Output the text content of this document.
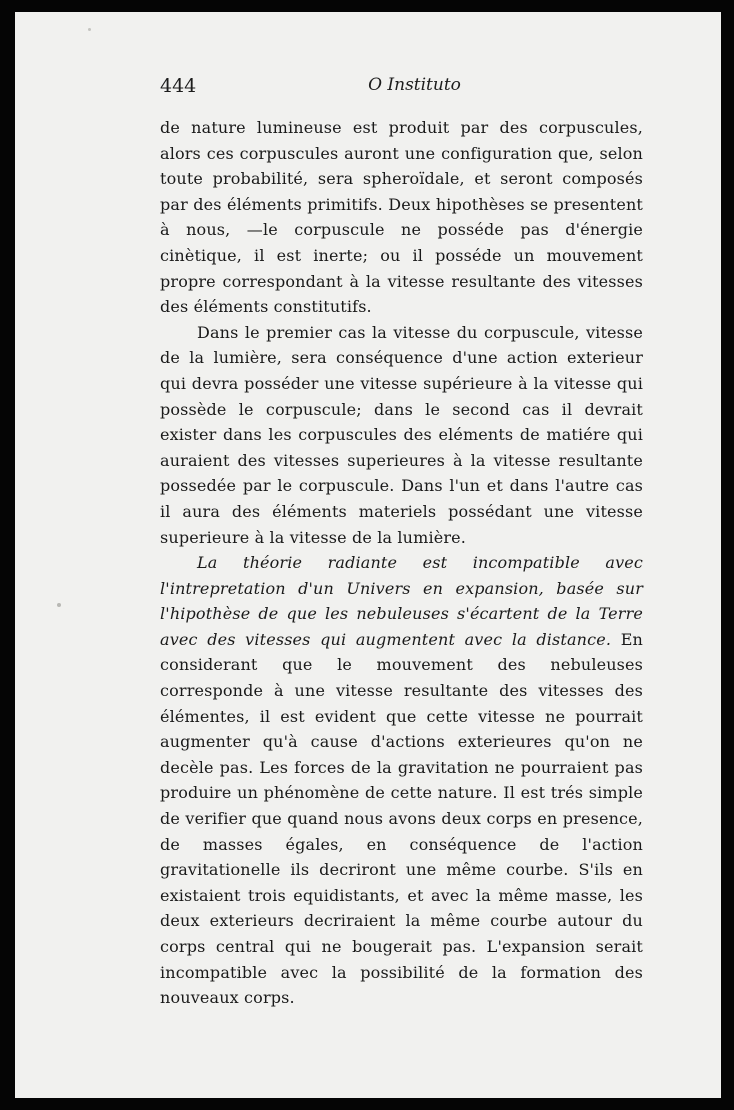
444	O Instituto

de nature lumineuse est produit par des corpuscules, alors ces corpuscules auront une configuration que, selon toute probabilité, sera spheroïdale, et seront composés par des éléments primitifs. Deux hipothèses se presentent à nous, —le corpuscule ne posséde pas d'énergie cinètique, il est inerte; ou il posséde un mouvement propre correspondant à la vitesse resultante des vitesses des éléments constitutifs.

Dans le premier cas la vitesse du corpuscule, vitesse de la lumière, sera conséquence d'une action exterieur qui devra posséder une vitesse supérieure à la vitesse qui possède le corpuscule; dans le second cas il devrait exister dans les corpuscules des eléments de matiére qui auraient des vitesses superieures à la vitesse resultante possedée par le corpuscule. Dans l'un et dans l'autre cas il aura des éléments materiels possédant une vitesse superieure à la vitesse de la lumière.

La théorie radiante est incompatible avec l'intrepretation d'un Univers en expansion, basée sur l'hipothèse de que les nebuleuses s'écartent de la Terre avec des vitesses qui augmentent avec la distance. En considerant que le mouvement des nebuleuses corresponde à une vitesse resultante des vitesses des élémentes, il est evident que cette vitesse ne pourrait augmenter qu'à cause d'actions exterieures qu'on ne decèle pas. Les forces de la gravitation ne pourraient pas produire un phénomène de cette nature. Il est trés simple de verifier que quand nous avons deux corps en presence, de masses égales, en conséquence de l'action gravitationelle ils decriront une même courbe. S'ils en existaient trois equidistants, et avec la même masse, les deux exterieurs decriraient la même courbe autour du corps central qui ne bougerait pas. L'expansion serait incompatible avec la possibilité de la formation des nouveaux corps.
